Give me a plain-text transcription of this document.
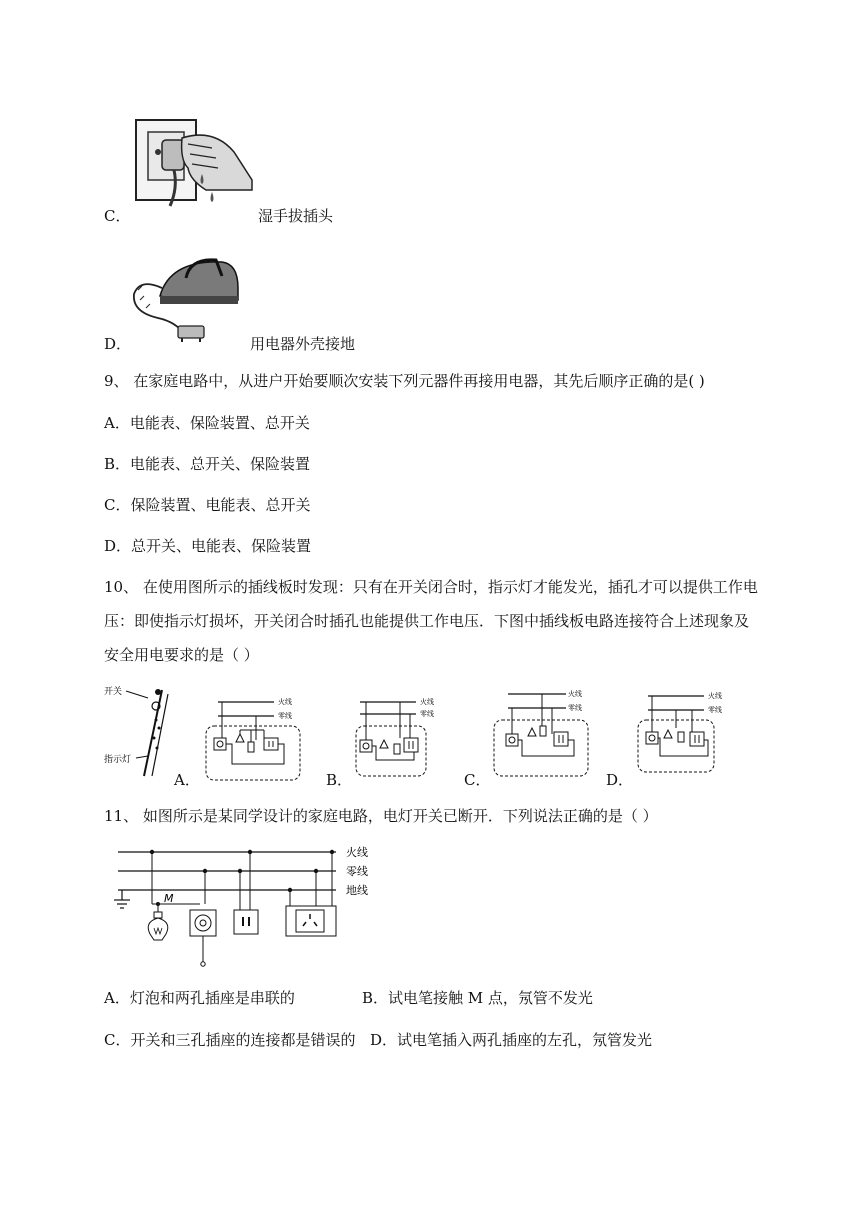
C．	湿手拔插头
D．	用电器外壳接地
9、 在家庭电路中，从进户开始要顺次安装下列元器件再接用电器，其先后顺序正确的是( )
A．电能表、保险装置、总开关
B．电能表、总开关、保险装置
C．保险装置、电能表、总开关
D．总开关、电能表、保险装置
10、 在使用图所示的插线板时发现：只有在开关闭合时，指示灯才能发光，插孔才可以提供工作电
压：即使指示灯损坏，开关闭合时插孔也能提供工作电压．下图中插线板电路连接符合上述现象及
安全用电要求的是（ ）
开关
指示灯
A．
火线
零线
B．
火线
零线
C．
火线
零线
D．
火线
零线
11、 如图所示是某同学设计的家庭电路，电灯开关已断开．下列说法正确的是（ ）
火线
零线
地线
M
A．灯泡和两孔插座是串联的	B．试电笔接触 M 点，氖管不发光
C．开关和三孔插座的连接都是错误的 D．试电笔插入两孔插座的左孔，氖管发光
